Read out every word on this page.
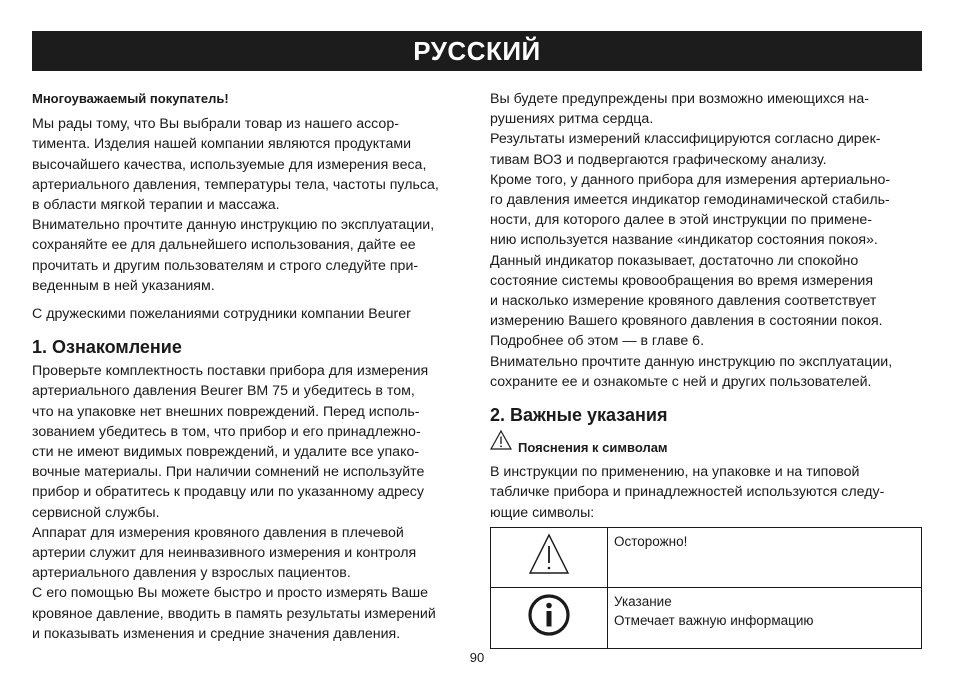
РУССКИЙ

Многоуважаемый покупатель!

Мы рады тому, что Вы выбрали товар из нашего ассор-
тимента. Изделия нашей компании являются продуктами
высочайшего качества, используемые для измерения веса,
артериального давления, температуры тела, частоты пульса,
в области мягкой терапии и массажа.
Внимательно прочтите данную инструкцию по эксплуатации,
сохраняйте ее для дальнейшего использования, дайте ее
прочитать и другим пользователям и строго следуйте при-
веденным в ней указаниям.

С дружескими пожеланиями сотрудники компании Beurer

1. Ознакомление

Проверьте комплектность поставки прибора для измерения
артериального давления Beurer BM 75 и убедитесь в том,
что на упаковке нет внешних повреждений. Перед исполь-
зованием убедитесь в том, что прибор и его принадлежно-
сти не имеют видимых повреждений, и удалите все упако-
вочные материалы. При наличии сомнений не используйте
прибор и обратитесь к продавцу или по указанному адресу
сервисной службы.
Аппарат для измерения кровяного давления в плечевой
артерии служит для неинвазивного измерения и контроля
артериального давления у взрослых пациентов.
С его помощью Вы можете быстро и просто измерять Ваше
кровяное давление, вводить в память результаты измерений
и показывать изменения и средние значения давления.

Вы будете предупреждены при возможно имеющихся на-
рушениях ритма сердца.
Результаты измерений классифицируются согласно дирек-
тивам ВОЗ и подвергаются графическому анализу.
Кроме того, у данного прибора для измерения артериально-
го давления имеется индикатор гемодинамической стабиль-
ности, для которого далее в этой инструкции по примене-
нию используется название «индикатор состояния покоя».
Данный индикатор показывает, достаточно ли спокойно
состояние системы кровообращения во время измерения
и насколько измерение кровяного давления соответствует
измерению Вашего кровяного давления в состоянии покоя.
Подробнее об этом — в главе 6.
Внимательно прочтите данную инструкцию по эксплуатации,
сохраните ее и ознакомьте с ней и других пользователей.

2. Важные указания
Пояснения к символам

В инструкции по применению, на упаковке и на типовой
табличке прибора и принадлежностей используются следу-
ющие символы:

Осторожно!

Указание
Отмечает важную информацию
90
